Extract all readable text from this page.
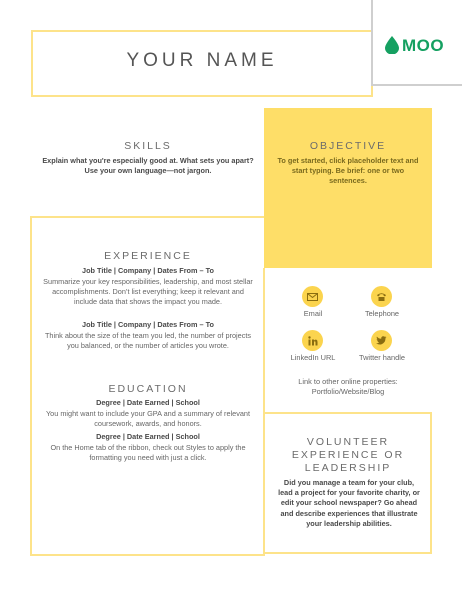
YOUR NAME
MOO
SKILLS
Explain what you're especially good at. What sets you apart? Use your own language—not jargon.
OBJECTIVE
To get started, click placeholder text and start typing. Be brief: one or two sentences.
EXPERIENCE
Job Title | Company | Dates From – To
Summarize your key responsibilities, leadership, and most stellar accomplishments. Don’t list everything; keep it relevant and include data that shows the impact you made.
Job Title | Company | Dates From – To
Think about the size of the team you led, the number of projects you balanced, or the number of articles you wrote.
EDUCATION
Degree | Date Earned | School
You might want to include your GPA and a summary of relevant coursework, awards, and honors.
Degree | Date Earned | School
On the Home tab of the ribbon, check out Styles to apply the formatting you need with just a click.
Email	Telephone
LinkedIn URL	Twitter handle
Link to other online properties:
Portfolio/Website/Blog
VOLUNTEER
EXPERIENCE OR
LEADERSHIP
Did you manage a team for your club, lead a project for your favorite charity, or edit your school newspaper? Go ahead and describe experiences that illustrate your leadership abilities.
